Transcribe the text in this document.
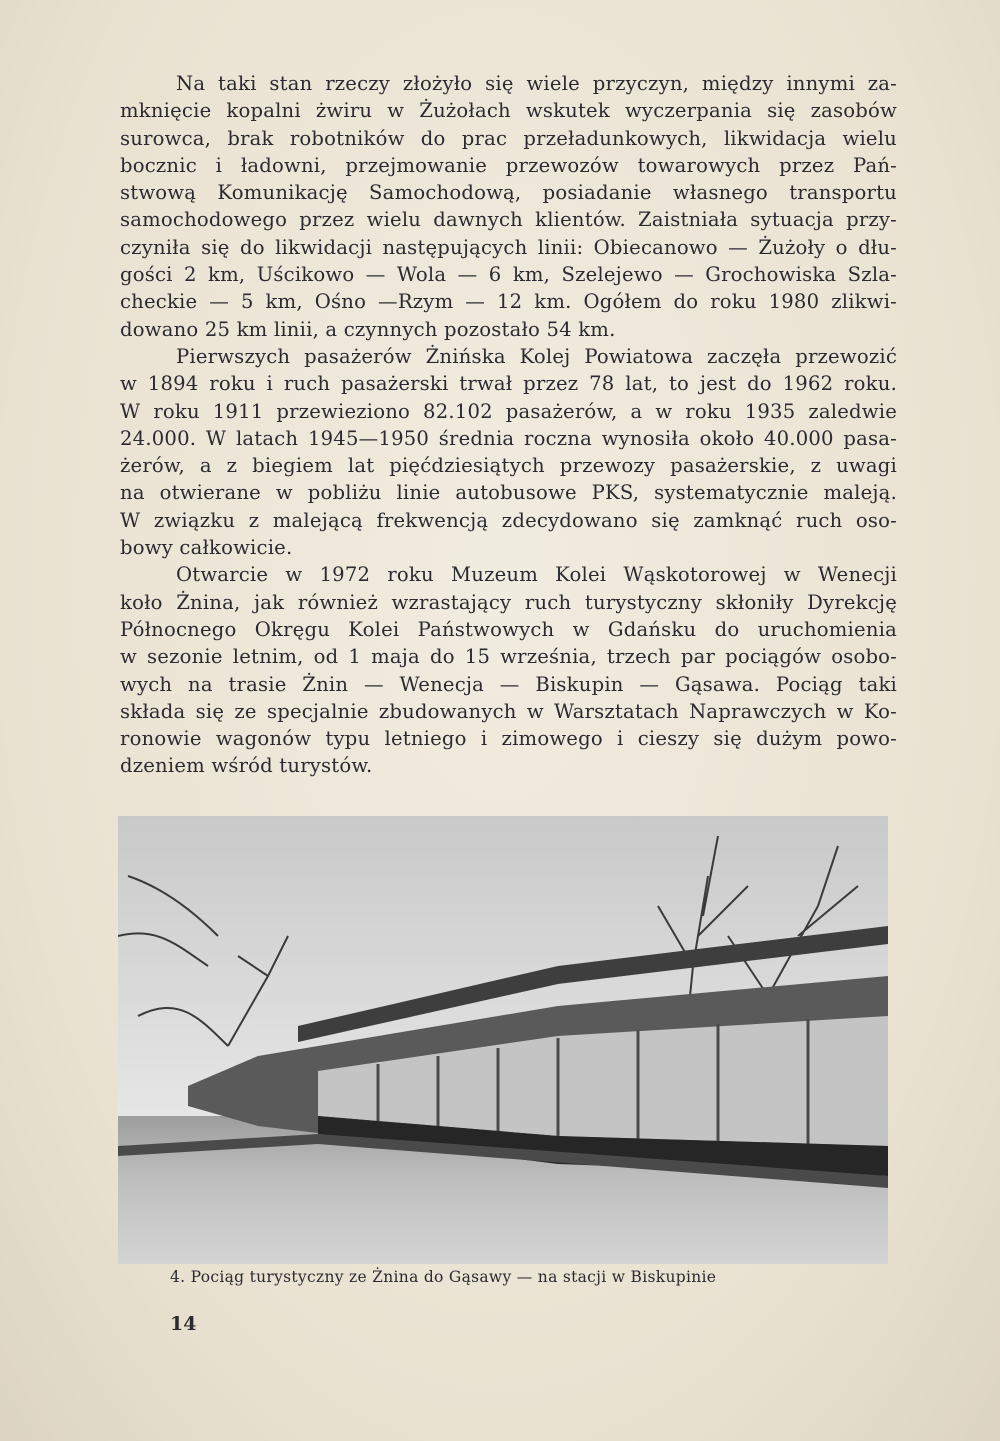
Na taki stan rzeczy złożyło się wiele przyczyn, między innymi za-
mknięcie kopalni żwiru w Żużołach wskutek wyczerpania się zasobów
surowca, brak robotników do prac przeładunkowych, likwidacja wielu
bocznic i ładowni, przejmowanie przewozów towarowych przez Pań-
stwową Komunikację Samochodową, posiadanie własnego transportu
samochodowego przez wielu dawnych klientów. Zaistniała sytuacja przy-
czyniła się do likwidacji następujących linii: Obiecanowo — Żużoły o dłu-
gości 2 km, Uścikowo — Wola — 6 km, Szelejewo — Grochowiska Szla-
checkie — 5 km, Ośno —Rzym — 12 km. Ogółem do roku 1980 zlikwi-
dowano 25 km linii, a czynnych pozostało 54 km.
Pierwszych pasażerów Żnińska Kolej Powiatowa zaczęła przewozić
w 1894 roku i ruch pasażerski trwał przez 78 lat, to jest do 1962 roku.
W roku 1911 przewieziono 82.102 pasażerów, a w roku 1935 zaledwie
24.000. W latach 1945—1950 średnia roczna wynosiła około 40.000 pasa-
żerów, a z biegiem lat pięćdziesiątych przewozy pasażerskie, z uwagi
na otwierane w pobliżu linie autobusowe PKS, systematycznie maleją.
W związku z malejącą frekwencją zdecydowano się zamknąć ruch oso-
bowy całkowicie.
Otwarcie w 1972 roku Muzeum Kolei Wąskotorowej w Wenecji
koło Żnina, jak również wzrastający ruch turystyczny skłoniły Dyrekcję
Północnego Okręgu Kolei Państwowych w Gdańsku do uruchomienia
w sezonie letnim, od 1 maja do 15 września, trzech par pociągów osobo-
wych na trasie Żnin — Wenecja — Biskupin — Gąsawa. Pociąg taki
składa się ze specjalnie zbudowanych w Warsztatach Naprawczych w Ko-
ronowie wagonów typu letniego i zimowego i cieszy się dużym powo-
dzeniem wśród turystów.
4. Pociąg turystyczny ze Żnina do Gąsawy — na stacji w Biskupinie
14
